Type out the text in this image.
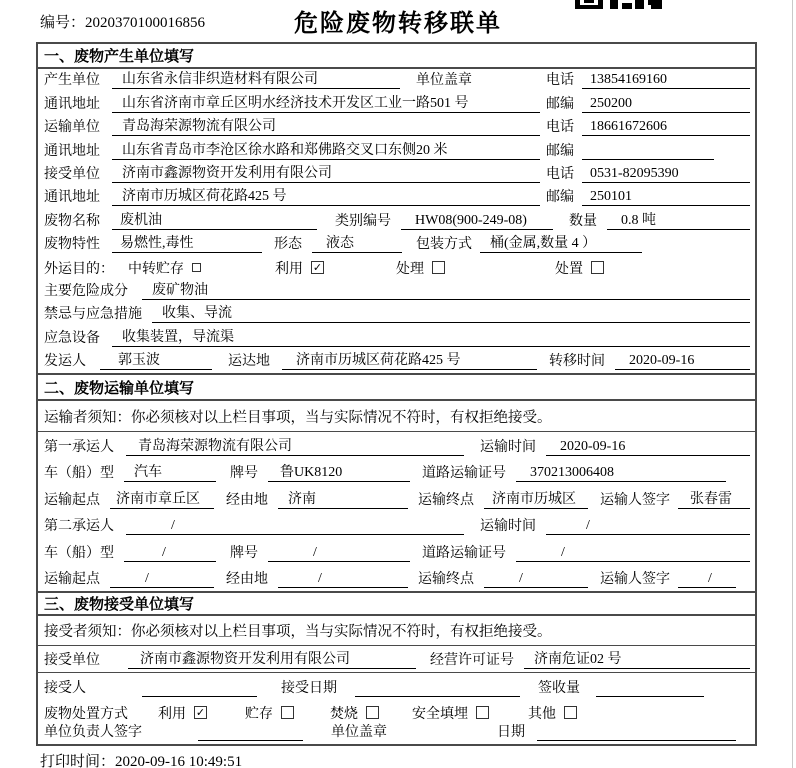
编号：2020370100016856	危险废物转移联单
一、废物产生单位填写
产生单位	山东省永信非织造材料有限公司	单位盖章	电话	13854169160
通讯地址	山东省济南市章丘区明水经济技术开发区工业一路501 号	邮编	250200
运输单位	青岛海荣源物流有限公司	电话	18661672606
通讯地址	山东省青岛市李沧区徐水路和郑佛路交叉口东侧20 米	邮编
接受单位	济南市鑫源物资开发利用有限公司	电话	0531-82095390
通讯地址	济南市历城区荷花路425 号	邮编	250101
废物名称	废机油	类别编号	HW08(900-249-08)	数量	0.8 吨
废物特性	易燃性,毒性	形态	液态	包装方式	桶(金属,数量 4 ）
外运目的： 中转贮存	利用 ✓	处理	处置
主要危险成分	废矿物油
禁忌与应急措施	收集、导流
应急设备	收集装置，导流渠
发运人	郭玉波	运达地	济南市历城区荷花路425 号	转移时间	2020-09-16
二、废物运输单位填写
运输者须知：你必须核对以上栏目事项，当与实际情况不符时，有权拒绝接受。
第一承运人	青岛海荣源物流有限公司	运输时间	2020-09-16
车（船）型	汽车	牌号	鲁UK8120	道路运输证号	370213006408
运输起点	济南市章丘区	经由地	济南	运输终点	济南市历城区	运输人签字	张春雷
第二承运人	/	运输时间	/
车（船）型	/	牌号	/	道路运输证号	/
运输起点	/	经由地	/	运输终点	/	运输人签字	/
三、废物接受单位填写
接受者须知：你必须核对以上栏目事项，当与实际情况不符时，有权拒绝接受。
接受单位	济南市鑫源物资开发利用有限公司	经营许可证号	济南危证02 号
接受人	接受日期	签收量
废物处置方式 利用 ✓	贮存	焚烧	安全填埋	其他
单位负责人签字	单位盖章	日期
打印时间：2020-09-16 10:49:51
